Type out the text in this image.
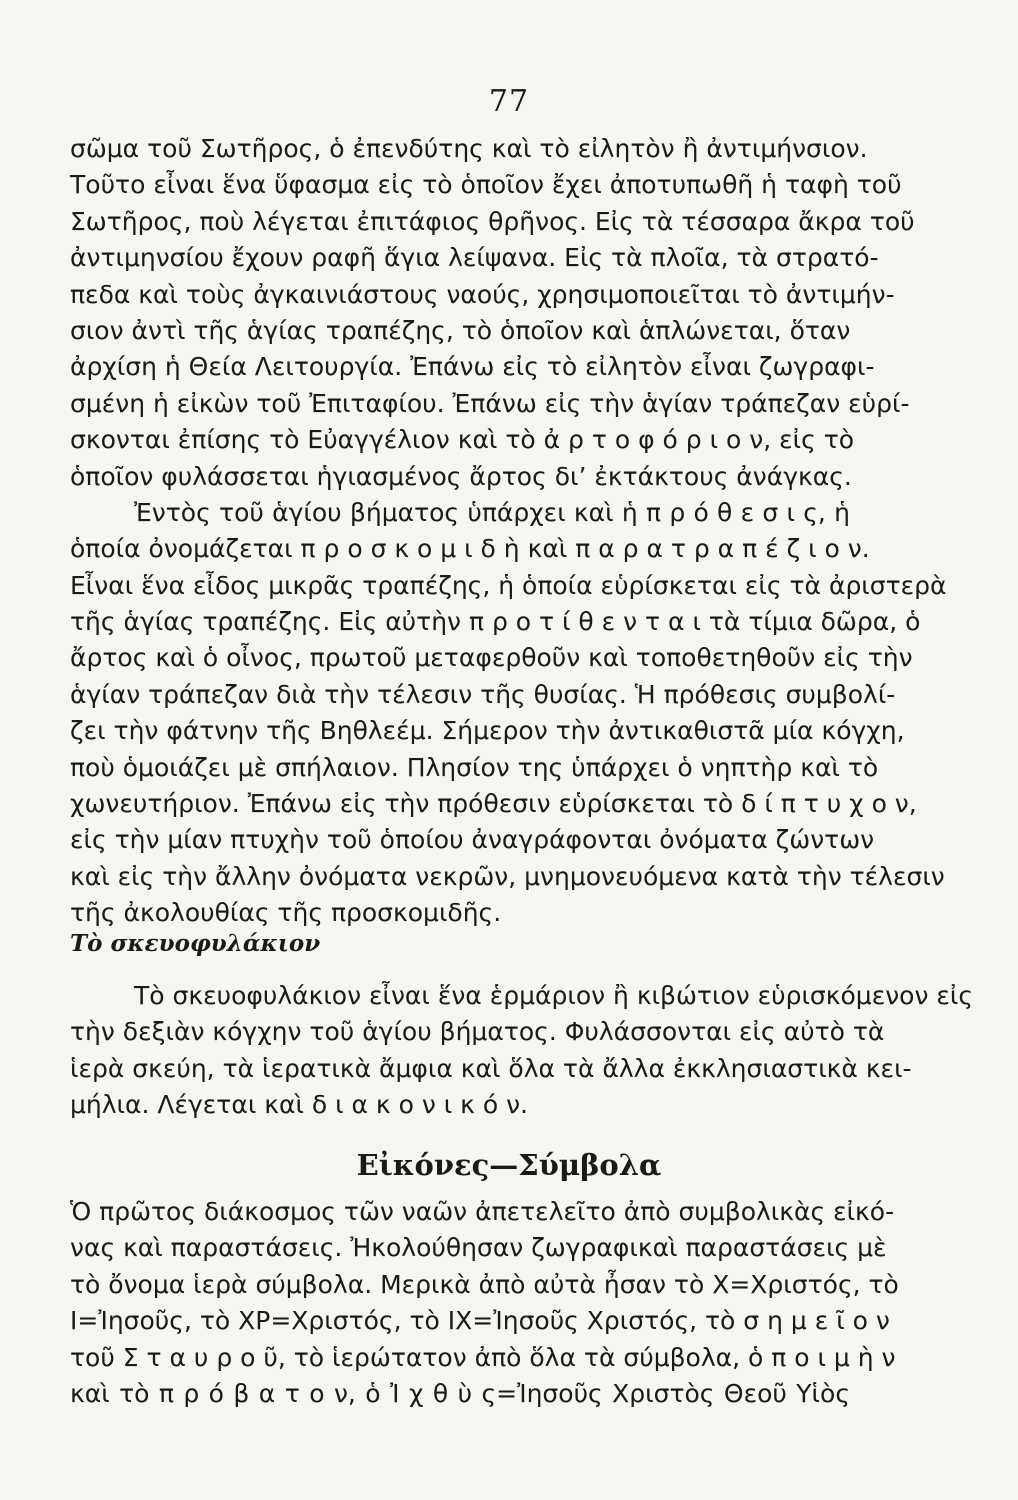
77
σῶμα τοῦ Σωτῆρος, ὁ ἐπενδύτης καὶ τὸ εἰλητὸν ἢ ἀντιμήνσιον.
Τοῦτο εἶναι ἕνα ὕφασμα εἰς τὸ ὁποῖον ἔχει ἀποτυπωθῆ ἡ ταφὴ τοῦ
Σωτῆρος, ποὺ λέγεται ἐπιτάφιος θρῆνος. Εἰς τὰ τέσσαρα ἄκρα τοῦ
ἀντιμηνσίου ἔχουν ραφῆ ἅγια λείψανα. Εἰς τὰ πλοῖα, τὰ στρατό-
πεδα καὶ τοὺς ἀγκαινιάστους ναούς, χρησιμοποιεῖται τὸ ἀντιμήν-
σιον ἀντὶ τῆς ἁγίας τραπέζης, τὸ ὁποῖον καὶ ἁπλώνεται, ὅταν
ἀρχίση ἡ Θεία Λειτουργία. Ἐπάνω εἰς τὸ εἰλητὸν εἶναι ζωγραφι-
σμένη ἡ εἰκὼν τοῦ Ἐπιταφίου. Ἐπάνω εἰς τὴν ἁγίαν τράπεζαν εὑρί-
σκονται ἐπίσης τὸ Εὐαγγέλιον καὶ τὸ ἀ ρ τ ο φ ό ρ ι ο ν, εἰς τὸ
ὁποῖον φυλάσσεται ἡγιασμένος ἄρτος δι’ ἐκτάκτους ἀνάγκας.
Ἐντὸς τοῦ ἁγίου βήματος ὑπάρχει καὶ ἡ π ρ ό θ ε σ ι ς, ἡ
ὁποία ὀνομάζεται π ρ ο σ κ ο μ ι δ ὴ καὶ π α ρ α τ ρ α π έ ζ ι ο ν.
Εἶναι ἕνα εἶδος μικρᾶς τραπέζης, ἡ ὁποία εὑρίσκεται εἰς τὰ ἀριστερὰ
τῆς ἁγίας τραπέζης. Εἰς αὐτὴν π ρ ο τ ί θ ε ν τ α ι τὰ τίμια δῶρα, ὁ
ἄρτος καὶ ὁ οἶνος, πρωτοῦ μεταφερθοῦν καὶ τοποθετηθοῦν εἰς τὴν
ἁγίαν τράπεζαν διὰ τὴν τέλεσιν τῆς θυσίας. Ἡ πρόθεσις συμβολί-
ζει τὴν φάτνην τῆς Βηθλεέμ. Σήμερον τὴν ἀντικαθιστᾶ μία κόγχη,
ποὺ ὁμοιάζει μὲ σπήλαιον. Πλησίον της ὑπάρχει ὁ νηπτὴρ καὶ τὸ
χωνευτήριον. Ἐπάνω εἰς τὴν πρόθεσιν εὑρίσκεται τὸ δ ί π τ υ χ ο ν,
εἰς τὴν μίαν πτυχὴν τοῦ ὁποίου ἀναγράφονται ὀνόματα ζώντων
καὶ εἰς τὴν ἄλλην ὀνόματα νεκρῶν, μνημονευόμενα κατὰ τὴν τέλεσιν
τῆς ἀκολουθίας τῆς προσκομιδῆς.
Τὸ σκευοφυλάκιον
Τὸ σκευοφυλάκιον εἶναι ἕνα ἑρμάριον ἢ κιβώτιον εὑρισκόμενον εἰς
τὴν δεξιὰν κόγχην τοῦ ἁγίου βήματος. Φυλάσσονται εἰς αὐτὸ τὰ
ἱερὰ σκεύη, τὰ ἱερατικὰ ἄμφια καὶ ὅλα τὰ ἄλλα ἐκκλησιαστικὰ κει-
μήλια. Λέγεται καὶ δ ι α κ ο ν ι κ ό ν.
Εἰκόνες—Σύμβολα
Ὁ πρῶτος διάκοσμος τῶν ναῶν ἀπετελεῖτο ἀπὸ συμβολικὰς εἰκό-
νας καὶ παραστάσεις. Ἠκολούθησαν ζωγραφικαὶ παραστάσεις μὲ
τὸ ὄνομα ἱερὰ σύμβολα. Μερικὰ ἀπὸ αὐτὰ ἦσαν τὸ Χ=Χριστός, τὸ
Ι=Ἰησοῦς, τὸ ΧΡ=Χριστός, τὸ ΙΧ=Ἰησοῦς Χριστός, τὸ σ η μ ε ῖ ο ν
τοῦ Σ τ α υ ρ ο ῦ, τὸ ἱερώτατον ἀπὸ ὅλα τὰ σύμβολα, ὁ π ο ι μ ὴ ν
καὶ τὸ π ρ ό β α τ ο ν, ὁ Ἰ χ θ ὺ ς=Ἰησοῦς Χριστὸς Θεοῦ Υἱὸς
